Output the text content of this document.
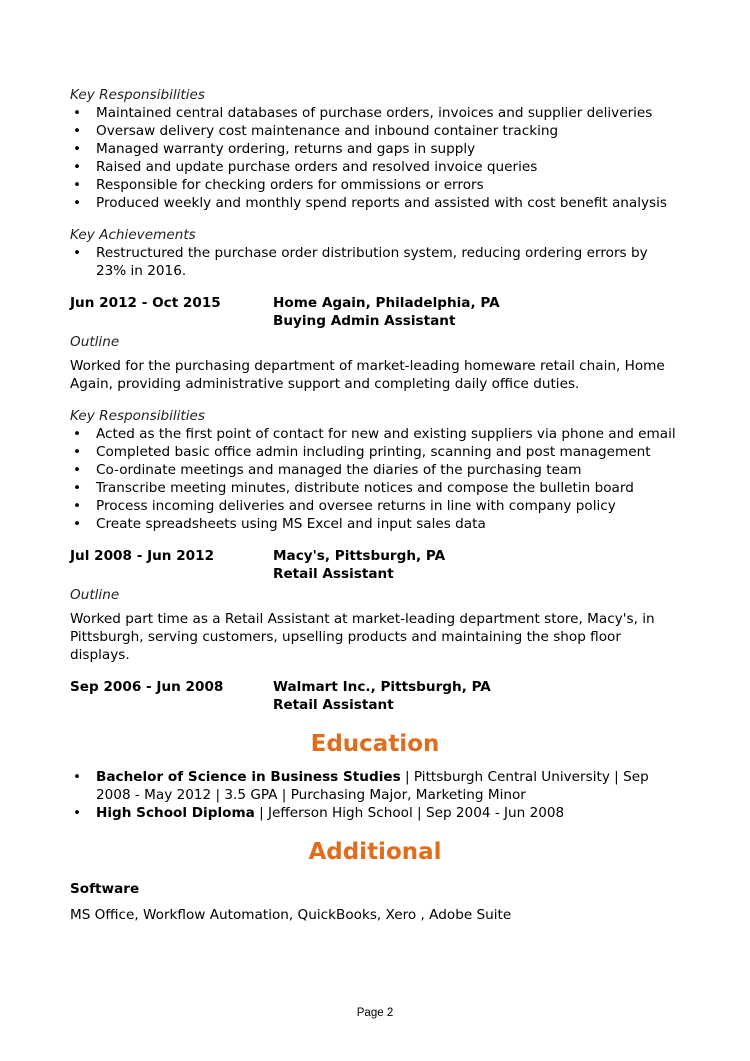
Key Responsibilities
• Maintained central databases of purchase orders, invoices and supplier deliveries
• Oversaw delivery cost maintenance and inbound container tracking
• Managed warranty ordering, returns and gaps in supply
• Raised and update purchase orders and resolved invoice queries
• Responsible for checking orders for ommissions or errors
• Produced weekly and monthly spend reports and assisted with cost benefit analysis
Key Achievements
• Restructured the purchase order distribution system, reducing ordering errors by 23% in 2016.
Jun 2012 - Oct 2015	Home Again, Philadelphia, PA
Buying Admin Assistant
Outline

Worked for the purchasing department of market-leading homeware retail chain, Home Again, providing administrative support and completing daily office duties.

Key Responsibilities
• Acted as the first point of contact for new and existing suppliers via phone and email
• Completed basic office admin including printing, scanning and post management
• Co-ordinate meetings and managed the diaries of the purchasing team
• Transcribe meeting minutes, distribute notices and compose the bulletin board
• Process incoming deliveries and oversee returns in line with company policy
• Create spreadsheets using MS Excel and input sales data
Jul 2008 - Jun 2012	Macy's, Pittsburgh, PA
Retail Assistant
Outline

Worked part time as a Retail Assistant at market-leading department store, Macy's, in Pittsburgh, serving customers, upselling products and maintaining the shop floor displays.

Sep 2006 - Jun 2008	Walmart Inc., Pittsburgh, PA
Retail Assistant
Education
• Bachelor of Science in Business Studies | Pittsburgh Central University | Sep 2008 - May 2012 | 3.5 GPA | Purchasing Major, Marketing Minor
• High School Diploma | Jefferson High School | Sep 2004 - Jun 2008
Additional
Software

MS Office, Workflow Automation, QuickBooks, Xero , Adobe Suite

Page 2
